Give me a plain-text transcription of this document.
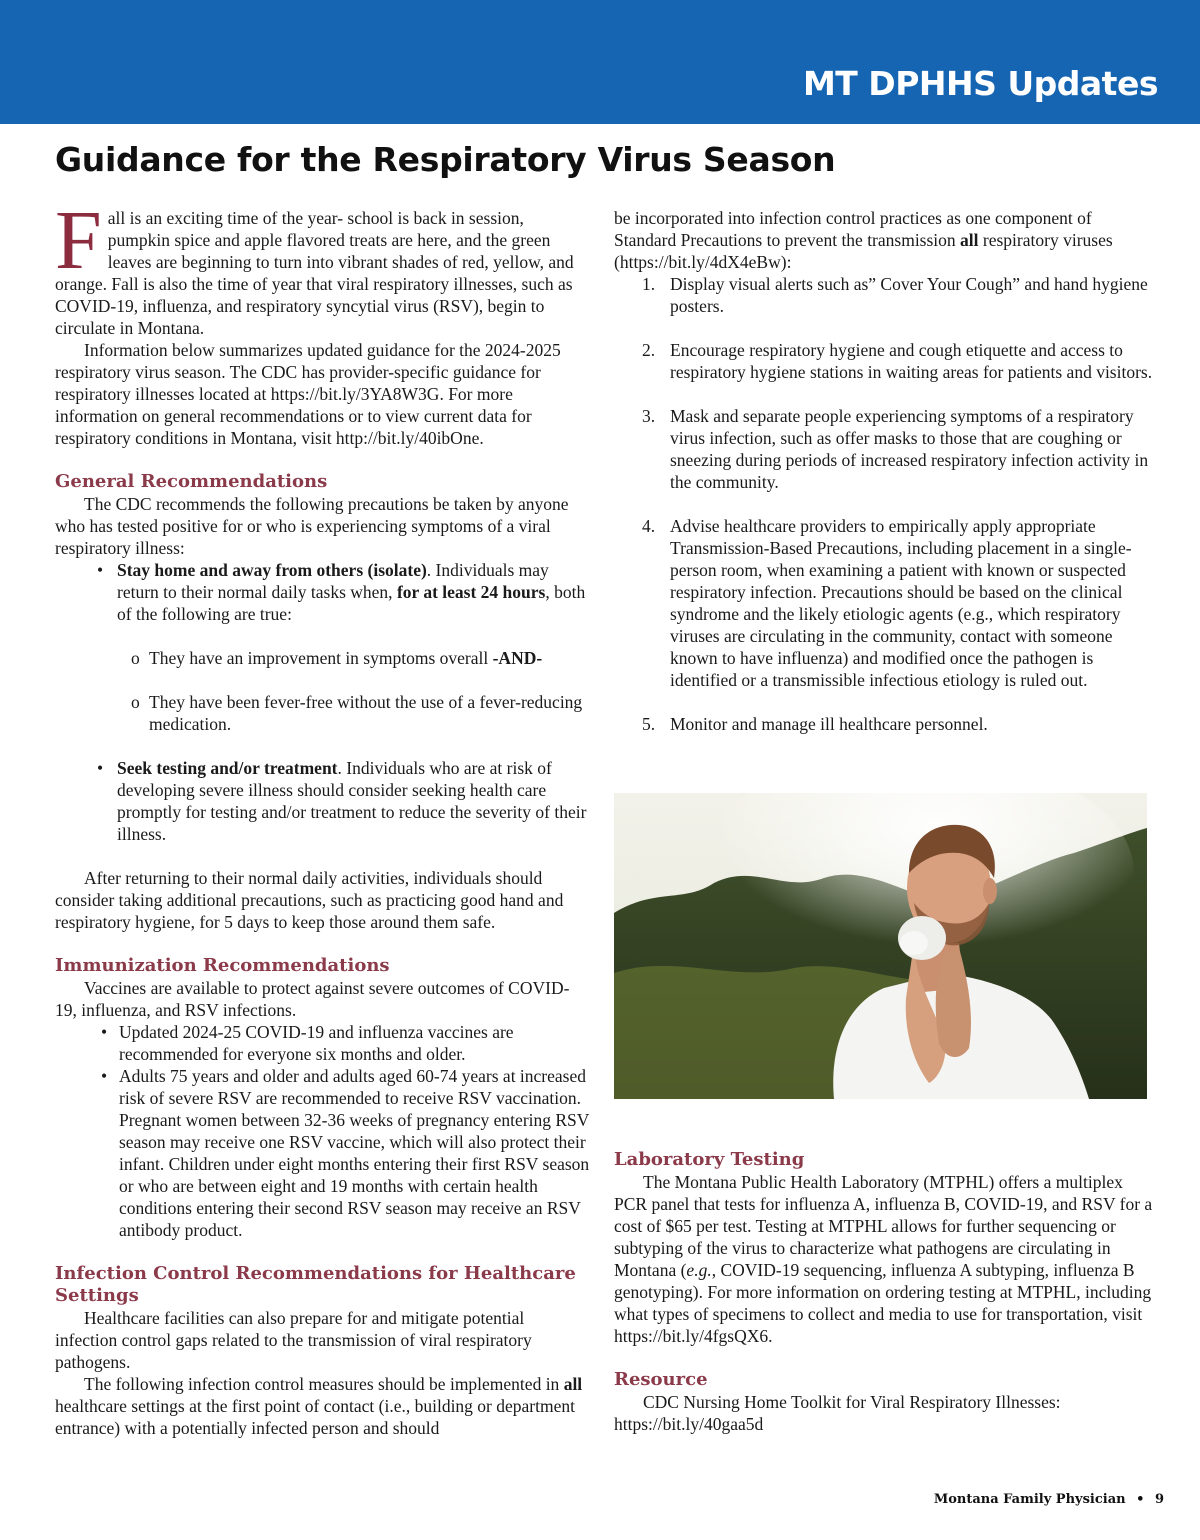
MT DPHHS Updates
Guidance for the Respiratory Virus Season
Fall is an exciting time of the year- school is back in session, pumpkin spice and apple flavored treats are here, and the green leaves are beginning to turn into vibrant shades of red, yellow, and orange. Fall is also the time of year that viral respiratory illnesses, such as COVID-19, influenza, and respiratory syncytial virus (RSV), begin to circulate in Montana.

Information below summarizes updated guidance for the 2024-2025 respiratory virus season. The CDC has provider-specific guidance for respiratory illnesses located at https://bit.ly/3YA8W3G. For more information on general recommendations or to view current data for respiratory conditions in Montana, visit http://bit.ly/40ibOne.

General Recommendations

The CDC recommends the following precautions be taken by anyone who has tested positive for or who is experiencing symptoms of a viral respiratory illness:

• Stay home and away from others (isolate). Individuals may return to their normal daily tasks when, for at least 24 hours, both of the following are true:
o They have an improvement in symptoms overall -AND-
o They have been fever-free without the use of a fever-reducing medication.
• Seek testing and/or treatment. Individuals who are at risk of developing severe illness should consider seeking health care promptly for testing and/or treatment to reduce the severity of their illness.

After returning to their normal daily activities, individuals should consider taking additional precautions, such as practicing good hand and respiratory hygiene, for 5 days to keep those around them safe.

Immunization Recommendations

Vaccines are available to protect against severe outcomes of COVID-19, influenza, and RSV infections.

• Updated 2024-25 COVID-19 and influenza vaccines are recommended for everyone six months and older.
• Adults 75 years and older and adults aged 60-74 years at increased risk of severe RSV are recommended to receive RSV vaccination. Pregnant women between 32-36 weeks of pregnancy entering RSV season may receive one RSV vaccine, which will also protect their infant. Children under eight months entering their first RSV season or who are between eight and 19 months with certain health conditions entering their second RSV season may receive an RSV antibody product.
Infection Control Recommendations for Healthcare Settings

Healthcare facilities can also prepare for and mitigate potential infection control gaps related to the transmission of viral respiratory pathogens.

The following infection control measures should be implemented in all healthcare settings at the first point of contact (i.e., building or department entrance) with a potentially infected person and should

be incorporated into infection control practices as one component of Standard Precautions to prevent the transmission all respiratory viruses (https://bit.ly/4dX4eBw):

1. Display visual alerts such as” Cover Your Cough” and hand hygiene posters.
2. Encourage respiratory hygiene and cough etiquette and access to respiratory hygiene stations in waiting areas for patients and visitors.
3. Mask and separate people experiencing symptoms of a respiratory virus infection, such as offer masks to those that are coughing or sneezing during periods of increased respiratory infection activity in the community.
4. Advise healthcare providers to empirically apply appropriate Transmission-Based Precautions, including placement in a single-person room, when examining a patient with known or suspected respiratory infection. Precautions should be based on the clinical syndrome and the likely etiologic agents (e.g., which respiratory viruses are circulating in the community, contact with someone known to have influenza) and modified once the pathogen is identified or a transmissible infectious etiology is ruled out.
5. Monitor and manage ill healthcare personnel.
Laboratory Testing

The Montana Public Health Laboratory (MTPHL) offers a multiplex PCR panel that tests for influenza A, influenza B, COVID-19, and RSV for a cost of $65 per test. Testing at MTPHL allows for further sequencing or subtyping of the virus to characterize what pathogens are circulating in Montana (e.g., COVID-19 sequencing, influenza A subtyping, influenza B genotyping). For more information on ordering testing at MTPHL, including what types of specimens to collect and media to use for transportation, visit https://bit.ly/4fgsQX6.

Resource

CDC Nursing Home Toolkit for Viral Respiratory Illnesses: https://bit.ly/40gaa5d

Montana Family Physician • 9
